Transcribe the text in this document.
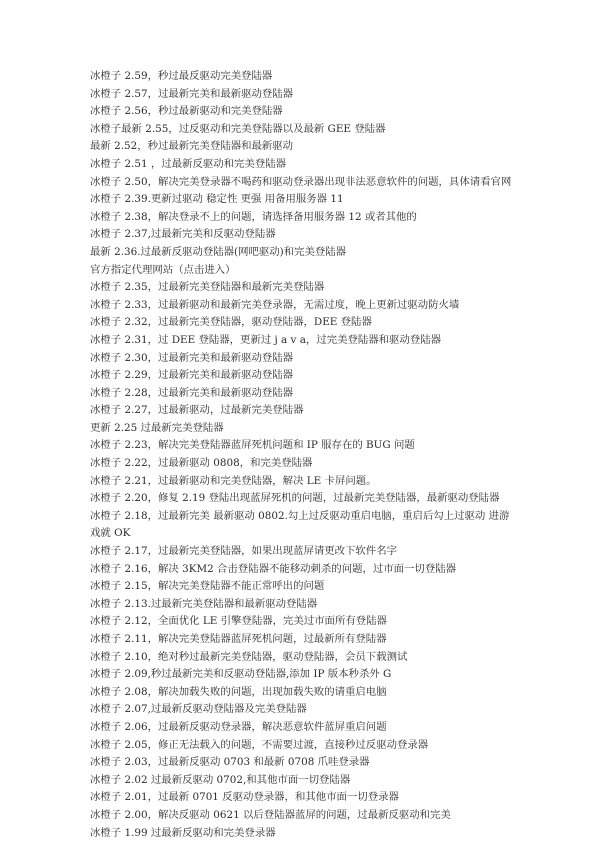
冰橙子 2.59，秒过最反驱动完美登陆器
冰橙子 2.57，过最新完美和最新驱动登陆器
冰橙子 2.56，秒过最新驱动和完美登陆器
冰橙子最新 2.55，过反驱动和完美登陆器以及最新 GEE 登陆器
最新 2.52，秒过最新完美登陆器和最新驱动
冰橙子 2.51 ，过最新反驱动和完美登陆器
冰橙子 2.50，解决完美登录器不喝药和驱动登录器出现非法恶意软件的问题，具体请看官网
冰橙子 2.39.更新过驱动 稳定性 更强 用备用服务器 11
冰橙子 2.38，解决登录不上的问题，请选择备用服务器 12 或者其他的
冰橙子 2.37,过最新完美和反驱动登陆器
最新 2.36.过最新反驱动登陆器(网吧驱动)和完美登陆器
官方指定代理网站（点击进入）
冰橙子 2.35，过最新完美登陆器和最新完美登陆器
冰橙子 2.33，过最新驱动和最新完美登录器，无需过度，晚上更新过驱动防火墙
冰橙子 2.32，过最新完美登陆器，驱动登陆器，DEE 登陆器
冰橙子 2.31，过 DEE 登陆器，更新过 j a v a，过完美登陆器和驱动登陆器
冰橙子 2.30，过最新完美和最新驱动登陆器
冰橙子 2.29，过最新完美和最新驱动登陆器
冰橙子 2.28，过最新完美和最新驱动登陆器
冰橙子 2.27，过最新驱动，过最新完美登陆器
更新 2.25 过最新完美登陆器
冰橙子 2.23，解决完美登陆器蓝屏死机问题和 IP 服存在的 BUG 问题
冰橙子 2.22，过最新驱动 0808，和完美登陆器
冰橙子 2.21，过最新驱动和完美登陆器，解决 LE 卡屏问题。
冰橙子 2.20，修复 2.19 登陆出现蓝屏死机的问题，过最新完美登陆器，最新驱动登陆器
冰橙子 2.18，过最新完美 最新驱动 0802.勾上过反驱动重启电脑，重启后勾上过驱动 进游
戏就 OK
冰橙子 2.17，过最新完美登陆器，如果出现蓝屏请更改下软件名字
冰橙子 2.16，解决 3KM2 合击登陆器不能移动刺杀的问题，过市面一切登陆器
冰橙子 2.15，解决完美登陆器不能正常呼出的问题
冰橙子 2.13.过最新完美登陆器和最新驱动登陆器
冰橙子 2.12，全面优化 LE 引擎登陆器，完美过市面所有登陆器
冰橙子 2.11，解决完美登陆器蓝屏死机问题，过最新所有登陆器
冰橙子 2.10，绝对秒过最新完美登陆器，驱动登陆器，会员下载测试
冰橙子 2.09,秒过最新完美和反驱动登陆器,添加 IP 版本秒杀外 G
冰橙子 2.08，解决加载失败的问题，出现加载失败的请重启电脑
冰橙子 2.07,过最新反驱动登陆器及完美登陆器
冰橙子 2.06，过最新反驱动登录器，解决恶意软件蓝屏重启问题
冰橙子 2.05，修正无法载入的问题，不需要过渡，直接秒过反驱动登录器
冰橙子 2.03，过最新反驱动 0703 和最新 0708 爪哇登录器
冰橙子 2.02 过最新反驱动 0702,和其他市面一切登陆器
冰橙子 2.01，过最新 0701 反驱动登录器，和其他市面一切登录器
冰橙子 2.00，解决反驱动 0621 以后登陆器蓝屏的问题，过最新反驱动和完美
冰橙子 1.99 过最新反驱动和完美登录器
